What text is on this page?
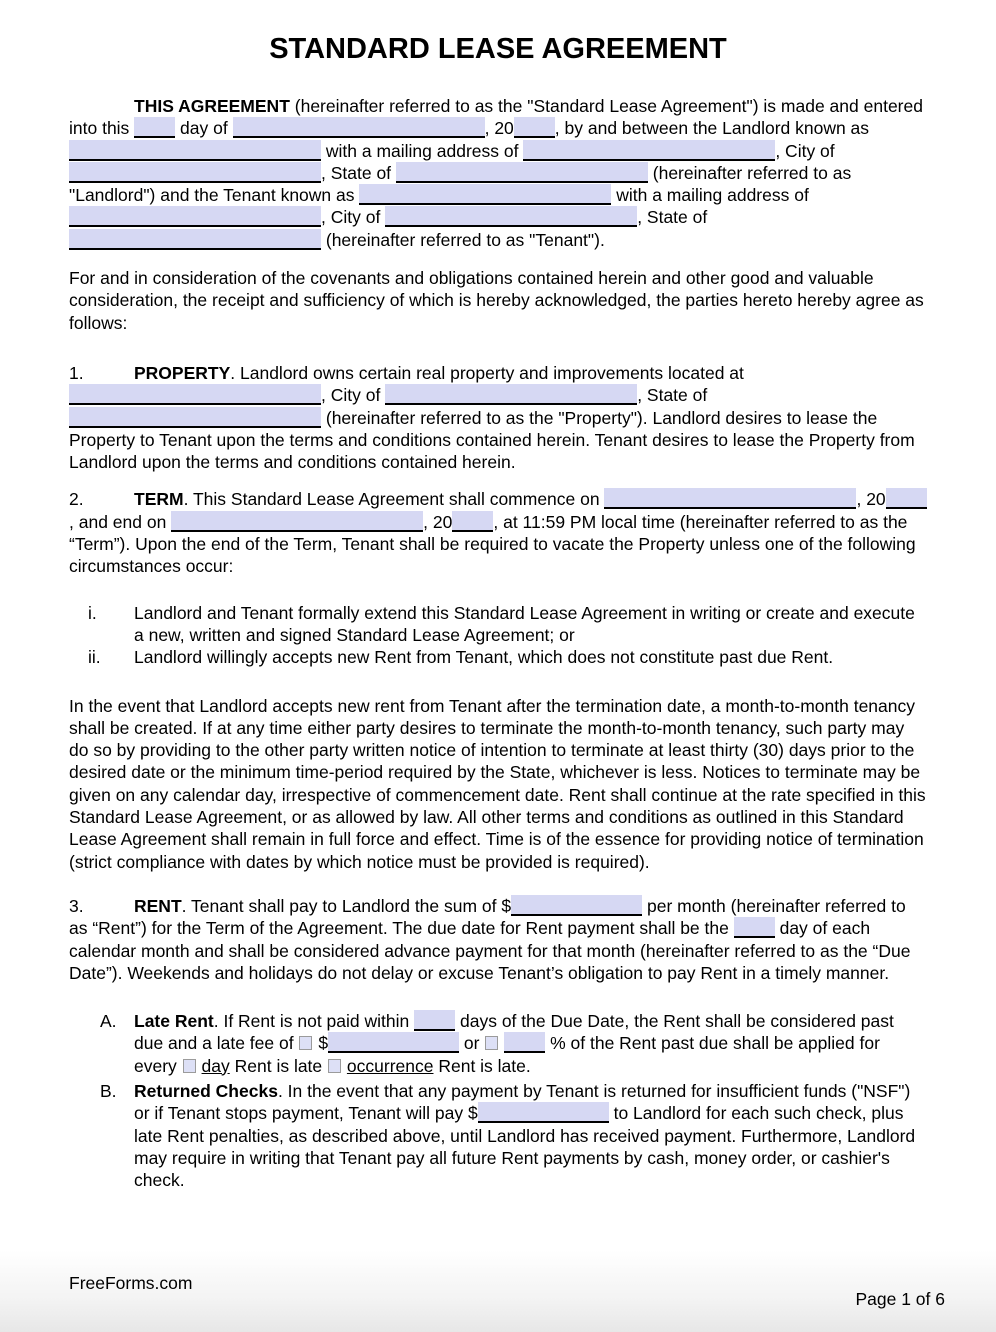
STANDARD LEASE AGREEMENT
THIS AGREEMENT (hereinafter referred to as the "Standard Lease Agreement") is made and entered into this  day of	, 20 , by and between the Landlord known as  with a mailing address of	, City of , State of	(hereinafter referred to as "Landlord") and the Tenant known as	with a mailing address of , City of	, State of  (hereinafter referred to as "Tenant").
For and in consideration of the covenants and obligations contained herein and other good and valuable consideration, the receipt and sufficiency of which is hereby acknowledged, the parties hereto hereby agree as follows:
1.	PROPERTY. Landlord owns certain real property and improvements located at , City of	, State of  (hereinafter referred to as the "Property"). Landlord desires to lease the Property to Tenant upon the terms and conditions contained herein. Tenant desires to lease the Property from Landlord upon the terms and conditions contained herein.
2.	TERM. This Standard Lease Agreement shall commence on	, 20, and end on	, 20 , at 11:59 PM local time (hereinafter referred to as the “Term”). Upon the end of the Term, Tenant shall be required to vacate the Property unless one of the following circumstances occur:
i. Landlord and Tenant formally extend this Standard Lease Agreement in writing or create and execute a new, written and signed Standard Lease Agreement; or
ii. Landlord willingly accepts new Rent from Tenant, which does not constitute past due Rent.
In the event that Landlord accepts new rent from Tenant after the termination date, a month-to-month tenancy shall be created. If at any time either party desires to terminate the month-to-month tenancy, such party may do so by providing to the other party written notice of intention to terminate at least thirty (30) days prior to the desired date or the minimum time-period required by the State, whichever is less. Notices to terminate may be given on any calendar day, irrespective of commencement date. Rent shall continue at the rate specified in this Standard Lease Agreement, or as allowed by law. All other terms and conditions as outlined in this Standard Lease Agreement shall remain in full force and effect. Time is of the essence for providing notice of termination (strict compliance with dates by which notice must be provided is required).
3.	RENT. Tenant shall pay to Landlord the sum of $	per month (hereinafter referred to as “Rent”) for the Term of the Agreement. The due date for Rent payment shall be the  day of each calendar month and shall be considered advance payment for that month (hereinafter referred to as the “Due Date”). Weekends and holidays do not delay or excuse Tenant’s obligation to pay Rent in a timely manner.
A. Late Rent. If Rent is not paid within  days of the Due Date, the Rent shall be considered past due and a late fee of  $	or	% of the Rent past due shall be applied for every  day Rent is late  occurrence Rent is late.
B. Returned Checks. In the event that any payment by Tenant is returned for insufficient funds ("NSF") or if Tenant stops payment, Tenant will pay $	to Landlord for each such check, plus late Rent penalties, as described above, until Landlord has received payment. Furthermore, Landlord may require in writing that Tenant pay all future Rent payments by cash, money order, or cashier's check.
FreeForms.com
Page 1 of 6
